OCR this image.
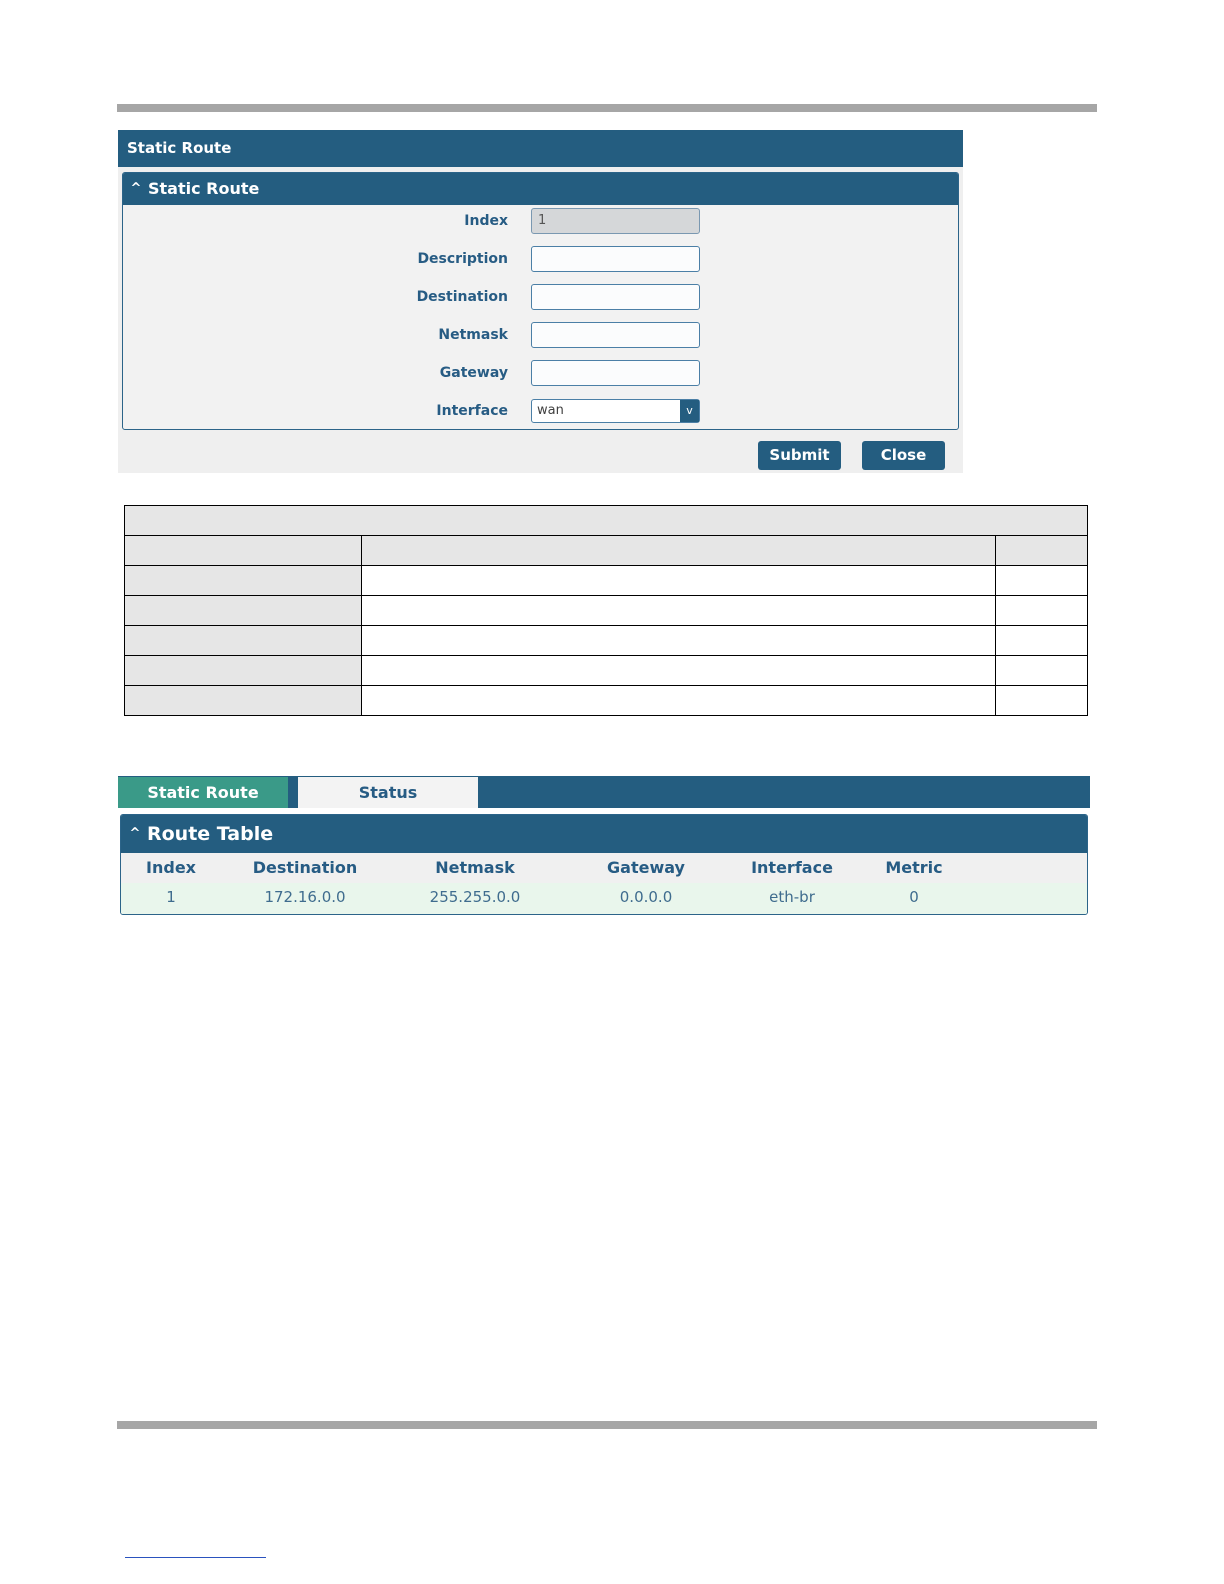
Static Route
^ Static Route
Index	1
Description
Destination
Netmask
Gateway
Interface	wan	v
Submit	Close

Static Route	Status
^ Route Table
Index	Destination	Netmask	Gateway	Interface	Metric
1	172.16.0.0	255.255.0.0	0.0.0.0	eth-br	0
